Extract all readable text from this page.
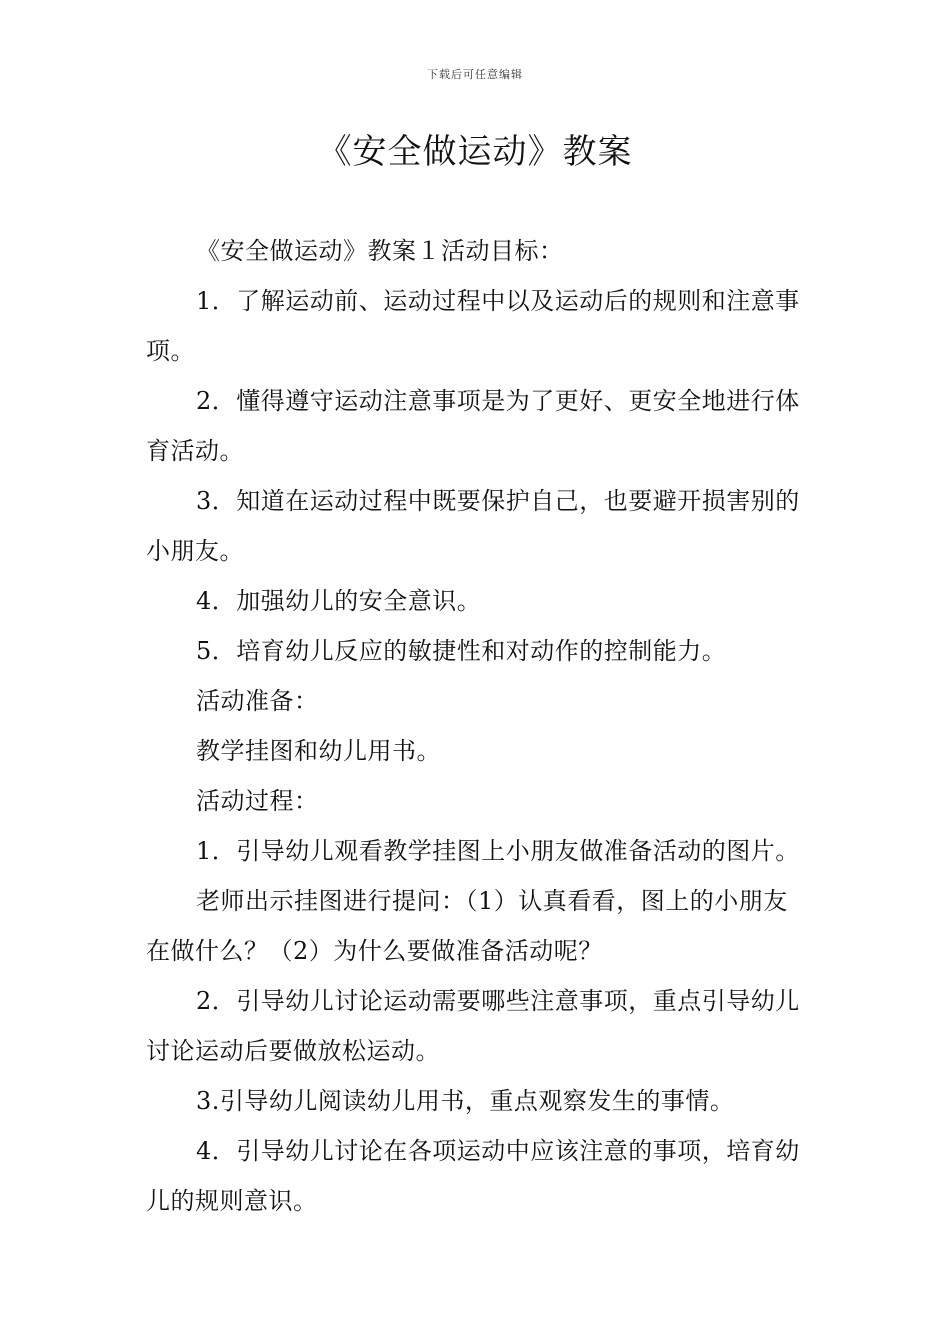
下载后可任意编辑
《安全做运动》教案

《安全做运动》教案１活动目标：

1．了解运动前、运动过程中以及运动后的规则和注意事项。

2．懂得遵守运动注意事项是为了更好、更安全地进行体育活动。

3．知道在运动过程中既要保护自己，也要避开损害别的小朋友。

4．加强幼儿的安全意识。

5．培育幼儿反应的敏捷性和对动作的控制能力。

活动准备：

教学挂图和幼儿用书。

活动过程：

1．引导幼儿观看教学挂图上小朋友做准备活动的图片。

老师出示挂图进行提问：（1）认真看看，图上的小朋友在做什么？（2）为什么要做准备活动呢？

2．引导幼儿讨论运动需要哪些注意事项，重点引导幼儿讨论运动后要做放松运动。

3.引导幼儿阅读幼儿用书，重点观察发生的事情。

4．引导幼儿讨论在各项运动中应该注意的事项，培育幼儿的规则意识。
